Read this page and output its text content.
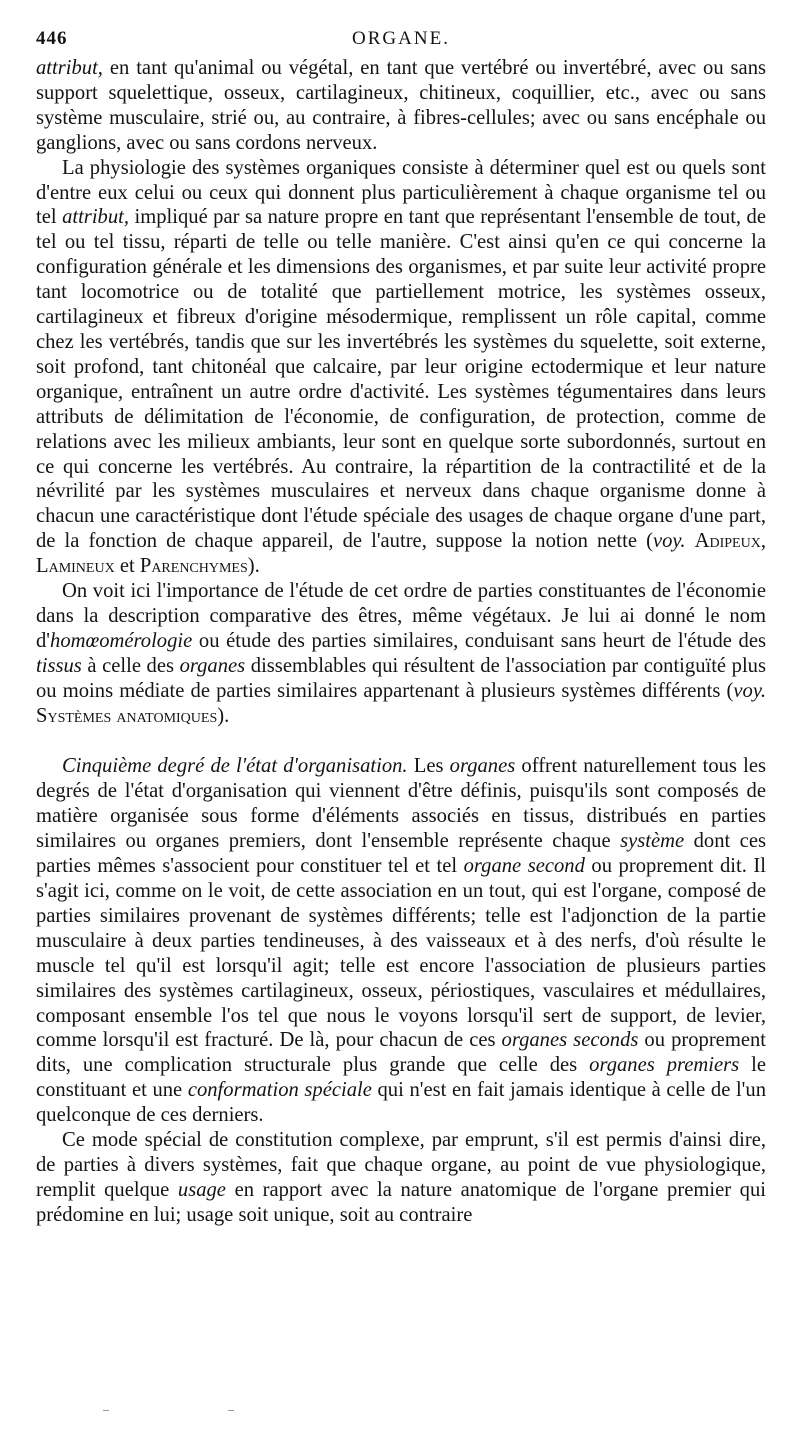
446	ORGANE.

attribut, en tant qu'animal ou végétal, en tant que vertébré ou invertébré, avec ou sans support squelettique, osseux, cartilagineux, chitineux, coquillier, etc., avec ou sans système musculaire, strié ou, au contraire, à fibres-cellules; avec ou sans encéphale ou ganglions, avec ou sans cordons nerveux.

La physiologie des systèmes organiques consiste à déterminer quel est ou quels sont d'entre eux celui ou ceux qui donnent plus particulièrement à chaque organisme tel ou tel attribut, impliqué par sa nature propre en tant que représentant l'ensemble de tout, de tel ou tel tissu, réparti de telle ou telle manière. C'est ainsi qu'en ce qui concerne la configuration générale et les dimensions des organismes, et par suite leur activité propre tant locomotrice ou de totalité que partiellement motrice, les systèmes osseux, cartilagineux et fibreux d'origine mésodermique, remplissent un rôle capital, comme chez les vertébrés, tandis que sur les invertébrés les systèmes du squelette, soit externe, soit profond, tant chitonéal que calcaire, par leur origine ectodermique et leur nature organique, entraînent un autre ordre d'activité. Les systèmes tégumentaires dans leurs attributs de délimitation de l'économie, de configuration, de protection, comme de relations avec les milieux ambiants, leur sont en quelque sorte subordonnés, surtout en ce qui concerne les vertébrés. Au contraire, la répartition de la contractilité et de la névrilité par les systèmes musculaires et nerveux dans chaque organisme donne à chacun une caractéristique dont l'étude spéciale des usages de chaque organe d'une part, de la fonction de chaque appareil, de l'autre, suppose la notion nette (voy. Adipeux, Lamineux et Parenchymes).

On voit ici l'importance de l'étude de cet ordre de parties constituantes de l'économie dans la description comparative des êtres, même végétaux. Je lui ai donné le nom d'homœomérologie ou étude des parties similaires, conduisant sans heurt de l'étude des tissus à celle des organes dissemblables qui résultent de l'association par contiguïté plus ou moins médiate de parties similaires appartenant à plusieurs systèmes différents (voy. Systèmes anatomiques).

Cinquième degré de l'état d'organisation. Les organes offrent naturellement tous les degrés de l'état d'organisation qui viennent d'être définis, puisqu'ils sont composés de matière organisée sous forme d'éléments associés en tissus, distribués en parties similaires ou organes premiers, dont l'ensemble représente chaque système dont ces parties mêmes s'associent pour constituer tel et tel organe second ou proprement dit. Il s'agit ici, comme on le voit, de cette association en un tout, qui est l'organe, composé de parties similaires provenant de systèmes différents; telle est l'adjonction de la partie musculaire à deux parties tendineuses, à des vaisseaux et à des nerfs, d'où résulte le muscle tel qu'il est lorsqu'il agit; telle est encore l'association de plusieurs parties similaires des systèmes cartilagineux, osseux, périostiques, vasculaires et médullaires, composant ensemble l'os tel que nous le voyons lorsqu'il sert de support, de levier, comme lorsqu'il est fracturé. De là, pour chacun de ces organes seconds ou proprement dits, une complication structurale plus grande que celle des organes premiers le constituant et une conformation spéciale qui n'est en fait jamais identique à celle de l'un quelconque de ces derniers.

Ce mode spécial de constitution complexe, par emprunt, s'il est permis d'ainsi dire, de parties à divers systèmes, fait que chaque organe, au point de vue physiologique, remplit quelque usage en rapport avec la nature anatomique de l'organe premier qui prédomine en lui; usage soit unique, soit au contraire
